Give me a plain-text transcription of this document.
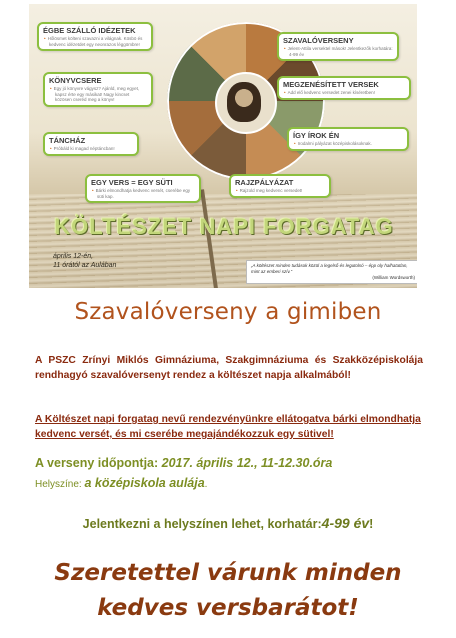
ÉGBE SZÁLLÓ IDÉZETEK
• Hőlösmet költeni szavazni a világnak. Kösbö és kedvenc idézetdet egy neonrazos léggömbre!
KÖNYVCSERE
• Egy jó könyvre vágysz? Ajánld, meg egyet, kapsz érte egy másikat! Nagy kincset közösen cseréd meg a könyv!
TÁNCHÁZ
• Próbáld ki magad néptáncban!
EGY VERS = EGY SÜTI
• Bárki elmondhatja kedvenc versét, cserébe egy süti kap.
SZAVALÓVERSENY
• Jelent-Attila versektel mások! Jelentkezők korhatára: 4-99 év
MEGZENÉSÍTETT VERSEK
• Add elő kedvenc versedet zenei kíséretben!
ÍGY ÍROK ÉN
• Irodalmi pályázat középiskolásoknak.
RAJZPÁLYÁZAT
• Rajzold meg kedvenc versedet!
KÖLTÉSZET NAPI FORGATAG
április 12-én,
11 órától az Aulában	„A költészet minden tudások közül a legelső és legutolsó – épp oly halhatatlan, mint az emberi szív.”
(William Wordsworth)
Szavalóverseny a gimiben
A PSZC Zrínyi Miklós Gimnáziuma, Szakgimnáziuma és Szakközépiskolája rendhagyó szavalóversenyt rendez a költészet napja alkalmából!
A Költészet napi forgatag nevű rendezvényünkre ellátogatva bárki elmondhatja kedvenc versét, és mi cserébe megajándékozzuk egy sütivel!
A verseny időpontja: 2017. április 12., 11-12.30.óra
Helyszíne: a középiskola aulája.
Jelentkezni a helyszínen lehet, korhatár:4-99 év!
Szeretettel várunk minden
kedves versbarátot!
